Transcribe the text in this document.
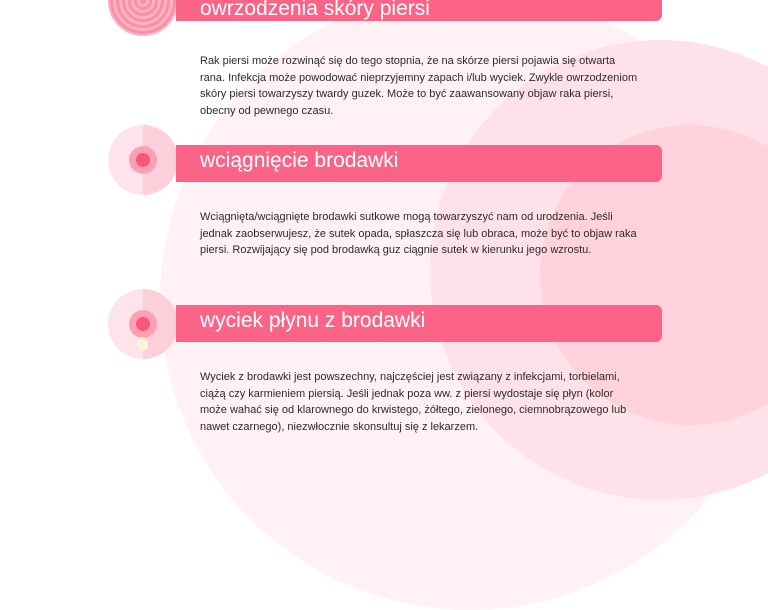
owrzodzenia skóry piersi

Rak piersi może rozwinąć się do tego stopnia, że na skórze piersi pojawia się otwarta rana. Infekcja może powodować nieprzyjemny zapach i/lub wyciek. Zwykle owrzodzeniom skóry piersi towarzyszy twardy guzek. Może to być zaawansowany objaw raka piersi, obecny od pewnego czasu.

wciągnięcie brodawki

Wciągnięta/wciągnięte brodawki sutkowe mogą towarzyszyć nam od urodzenia. Jeśli jednak zaobserwujesz, że sutek opada, spłaszcza się lub obraca, może być to objaw raka piersi. Rozwijający się pod brodawką guz ciągnie sutek w kierunku jego wzrostu.

wyciek płynu z brodawki

Wyciek z brodawki jest powszechny, najczęściej jest związany z infekcjami, torbielami, ciążą czy karmieniem piersią. Jeśli jednak poza ww. z piersi wydostaje się płyn (kolor może wahać się od klarownego do krwistego, żółtego, zielonego, ciemnobrązowego lub nawet czarnego), niezwłocznie skonsultuj się z lekarzem.
